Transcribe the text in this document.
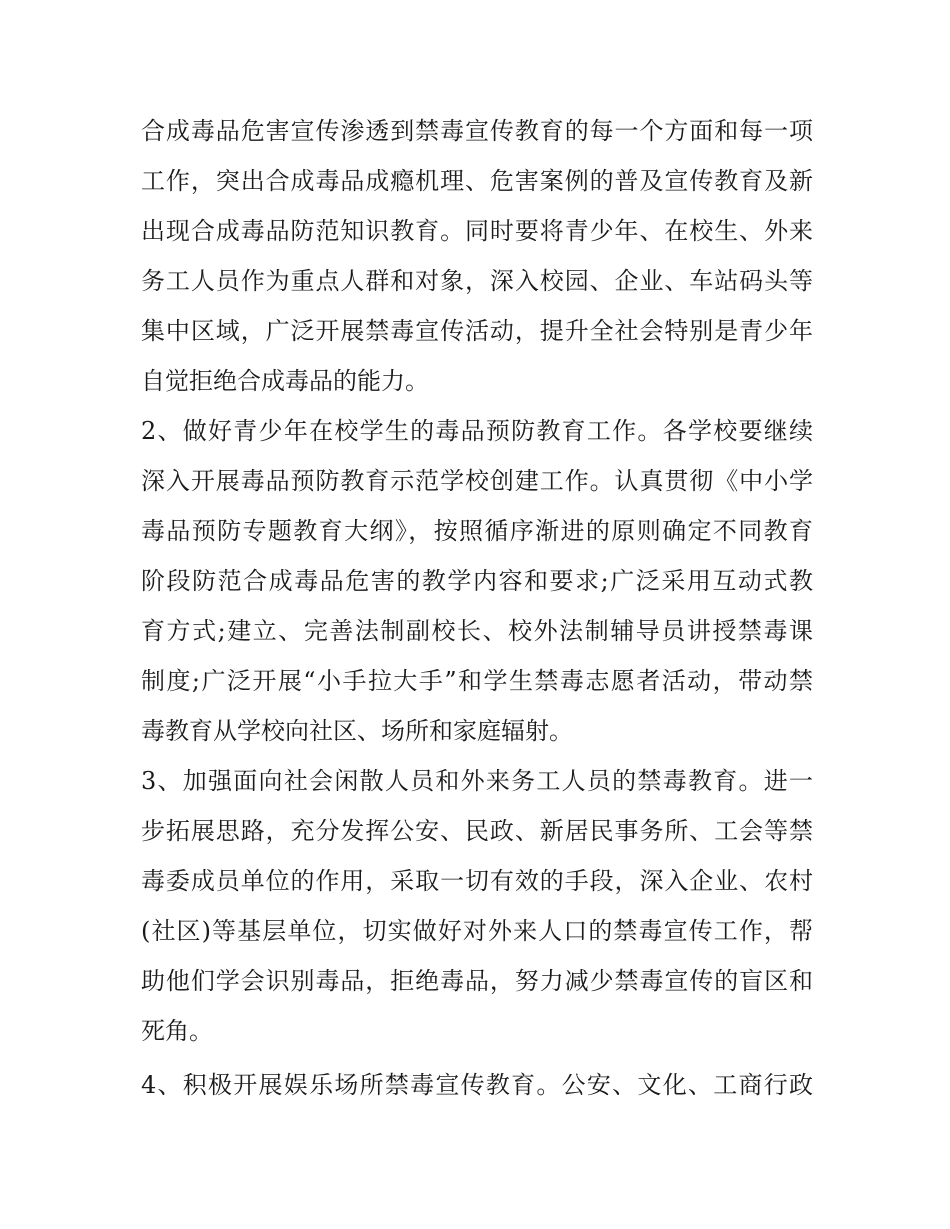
合成毒品危害宣传渗透到禁毒宣传教育的每一个方面和每一项
工作，突出合成毒品成瘾机理、危害案例的普及宣传教育及新
出现合成毒品防范知识教育。同时要将青少年、在校生、外来
务工人员作为重点人群和对象，深入校园、企业、车站码头等
集中区域，广泛开展禁毒宣传活动，提升全社会特别是青少年
自觉拒绝合成毒品的能力。
2、做好青少年在校学生的毒品预防教育工作。各学校要继续
深入开展毒品预防教育示范学校创建工作。认真贯彻《中小学
毒品预防专题教育大纲》，按照循序渐进的原则确定不同教育
阶段防范合成毒品危害的教学内容和要求;广泛采用互动式教
育方式;建立、完善法制副校长、校外法制辅导员讲授禁毒课
制度;广泛开展“小手拉大手”和学生禁毒志愿者活动，带动禁
毒教育从学校向社区、场所和家庭辐射。
3、加强面向社会闲散人员和外来务工人员的禁毒教育。进一
步拓展思路，充分发挥公安、民政、新居民事务所、工会等禁
毒委成员单位的作用，采取一切有效的手段，深入企业、农村
(社区)等基层单位，切实做好对外来人口的禁毒宣传工作，帮
助他们学会识别毒品，拒绝毒品，努力减少禁毒宣传的盲区和
死角。
4、积极开展娱乐场所禁毒宣传教育。公安、文化、工商行政
